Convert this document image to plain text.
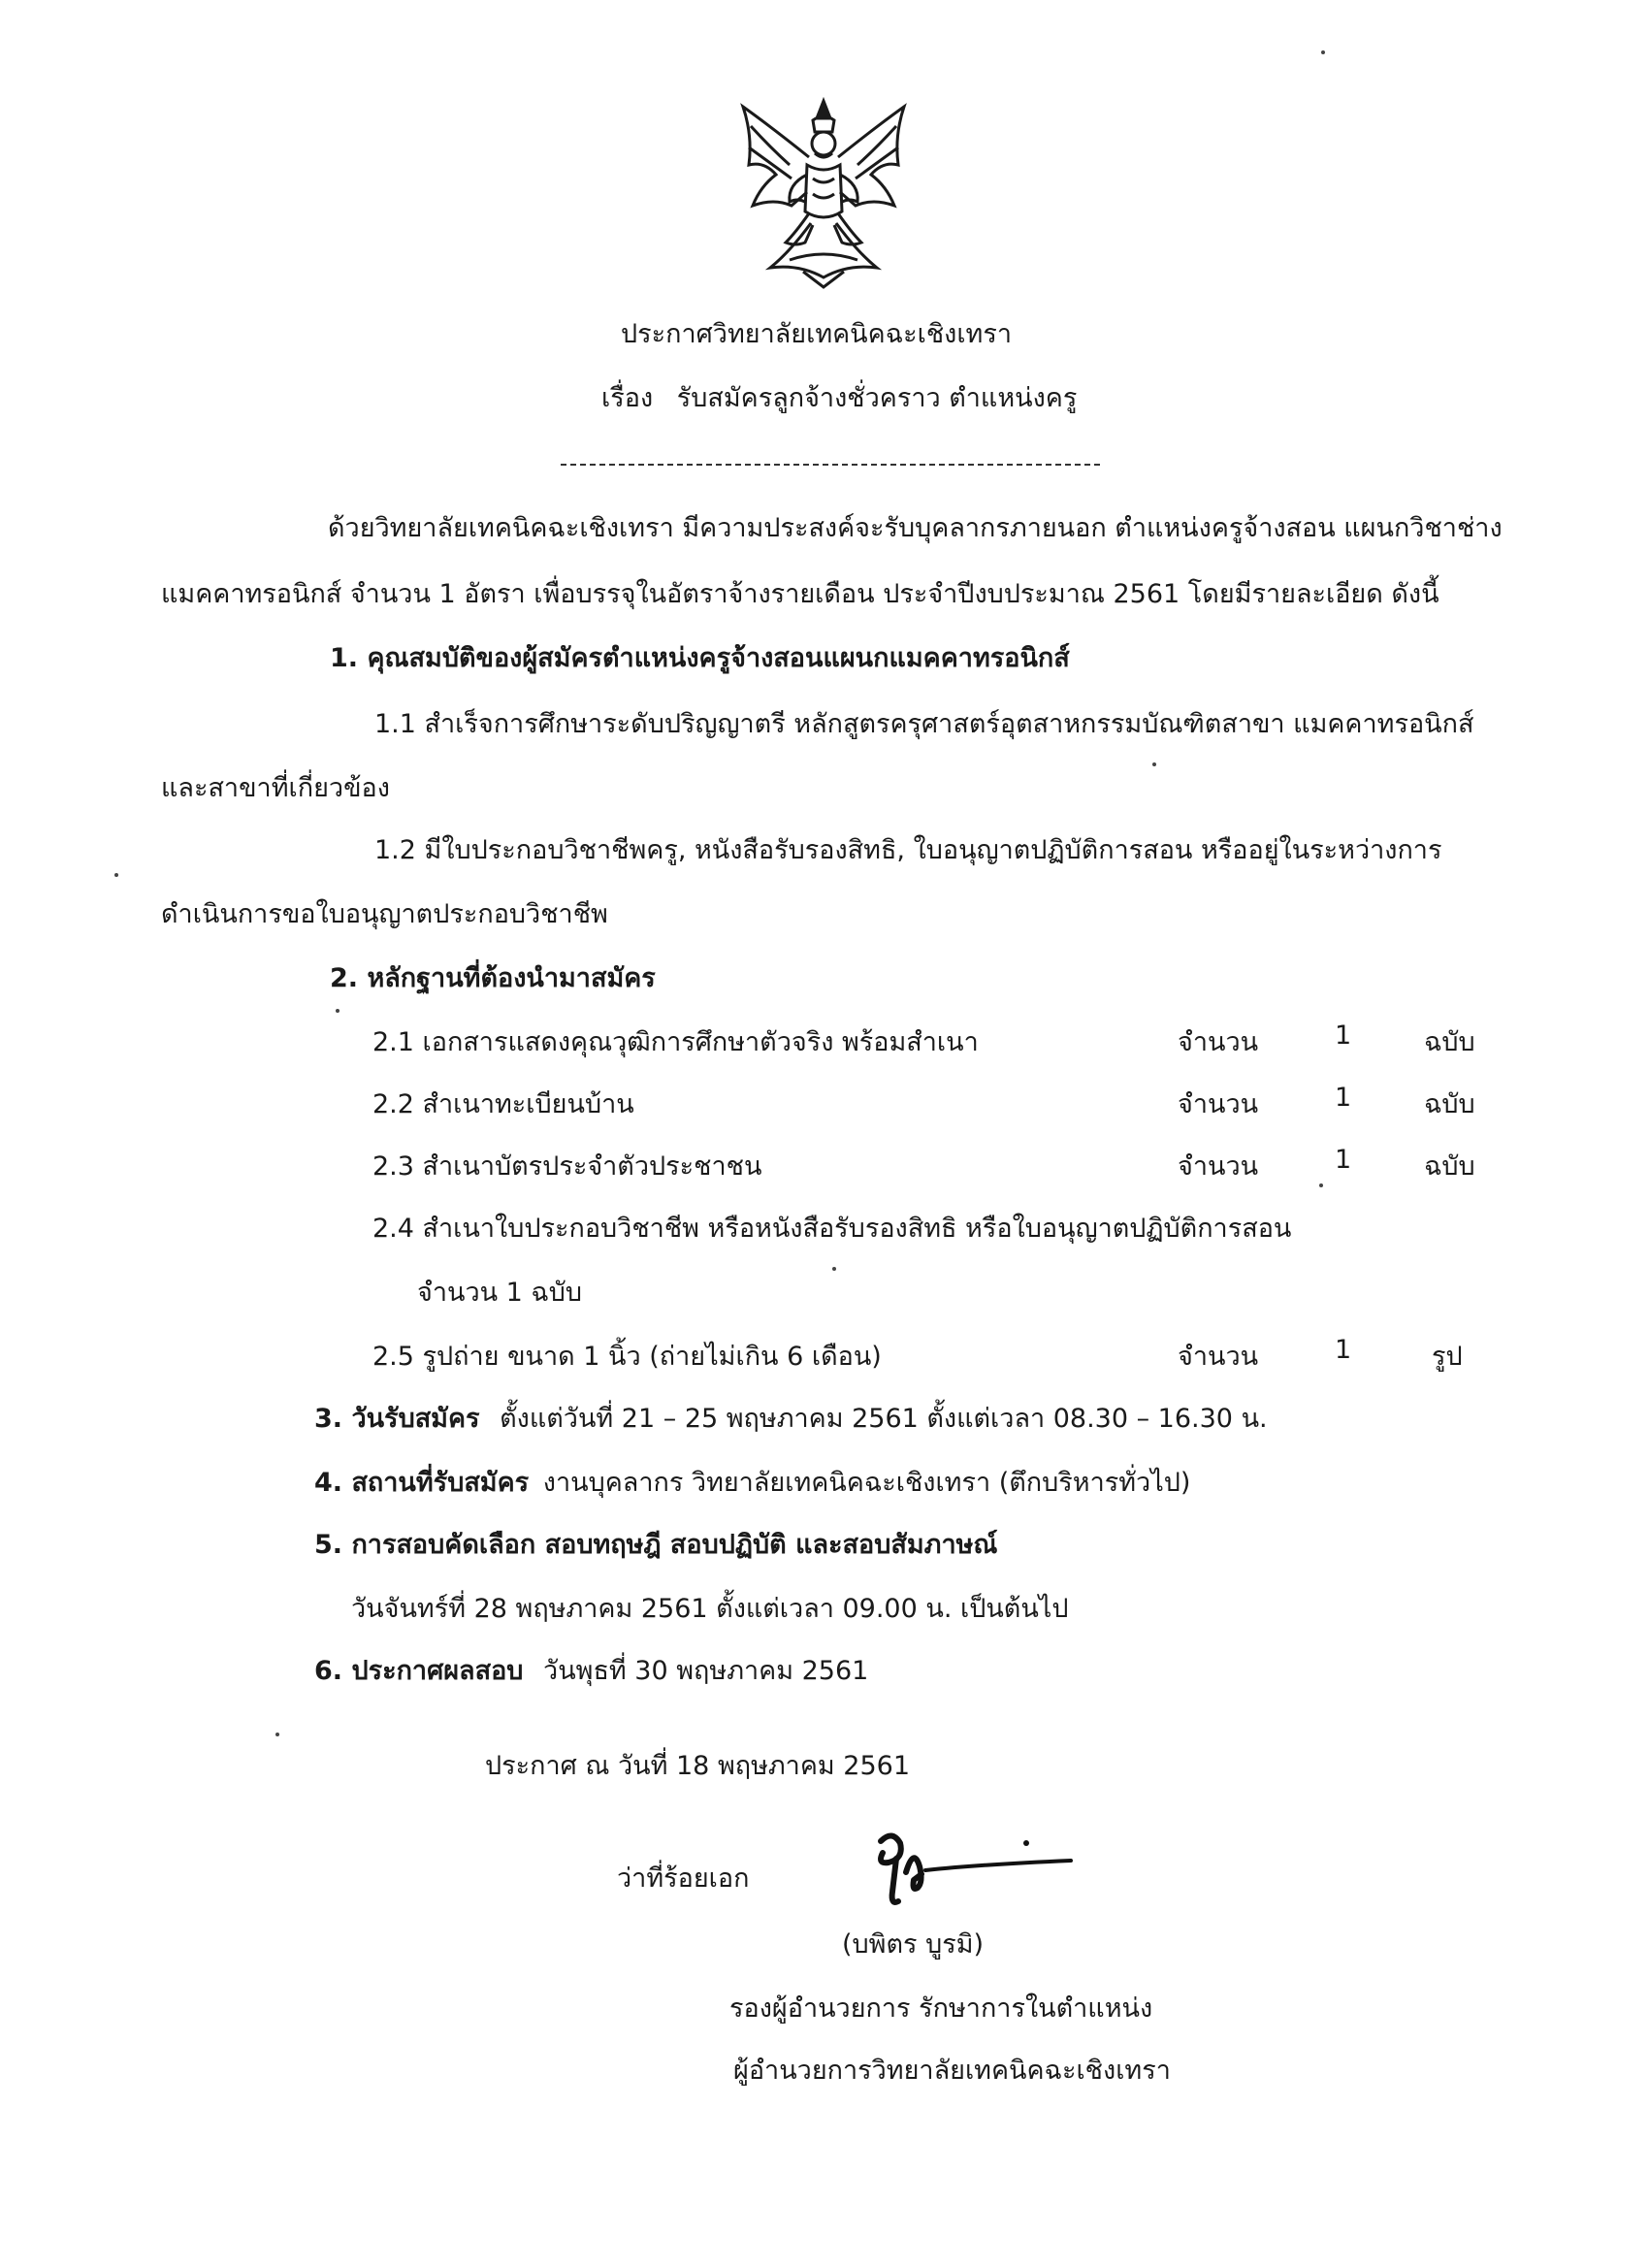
ประกาศวิทยาลัยเทคนิคฉะเชิงเทรา
เรื่อง รับสมัครลูกจ้างชั่วคราว ตำแหน่งครู
ด้วยวิทยาลัยเทคนิคฉะเชิงเทรา มีความประสงค์จะรับบุคลากรภายนอก ตำแหน่งครูจ้างสอน แผนกวิชาช่าง
แมคคาทรอนิกส์ จำนวน 1 อัตรา เพื่อบรรจุในอัตราจ้างรายเดือน ประจำปีงบประมาณ 2561 โดยมีรายละเอียด ดังนี้
1. คุณสมบัติของผู้สมัครตำแหน่งครูจ้างสอนแผนกแมคคาทรอนิกส์
1.1 สำเร็จการศึกษาระดับปริญญาตรี หลักสูตรครุศาสตร์อุตสาหกรรมบัณฑิตสาขา แมคคาทรอนิกส์
และสาขาที่เกี่ยวข้อง
1.2 มีใบประกอบวิชาชีพครู, หนังสือรับรองสิทธิ, ใบอนุญาตปฏิบัติการสอน หรืออยู่ในระหว่างการ
ดำเนินการขอใบอนุญาตประกอบวิชาชีพ
2. หลักฐานที่ต้องนำมาสมัคร
2.1 เอกสารแสดงคุณวุฒิการศึกษาตัวจริง พร้อมสำเนา	จำนวน	1	ฉบับ
2.2 สำเนาทะเบียนบ้าน	จำนวน	1	ฉบับ
2.3 สำเนาบัตรประจำตัวประชาชน	จำนวน	1	ฉบับ
2.4 สำเนาใบประกอบวิชาชีพ หรือหนังสือรับรองสิทธิ หรือใบอนุญาตปฏิบัติการสอน
จำนวน 1 ฉบับ
2.5 รูปถ่าย ขนาด 1 นิ้ว (ถ่ายไม่เกิน 6 เดือน)	จำนวน	1	รูป
3. วันรับสมัคร ตั้งแต่วันที่ 21 – 25 พฤษภาคม 2561 ตั้งแต่เวลา 08.30 – 16.30 น.
4. สถานที่รับสมัคร งานบุคลากร วิทยาลัยเทคนิคฉะเชิงเทรา (ตึกบริหารทั่วไป)
5. การสอบคัดเลือก สอบทฤษฎี สอบปฏิบัติ และสอบสัมภาษณ์
วันจันทร์ที่ 28 พฤษภาคม 2561 ตั้งแต่เวลา 09.00 น. เป็นต้นไป
6. ประกาศผลสอบ วันพุธที่ 30 พฤษภาคม 2561
ประกาศ ณ วันที่ 18 พฤษภาคม 2561
ว่าที่ร้อยเอก
(บพิตร บูรมิ)
รองผู้อำนวยการ รักษาการในตำแหน่ง
ผู้อำนวยการวิทยาลัยเทคนิคฉะเชิงเทรา
